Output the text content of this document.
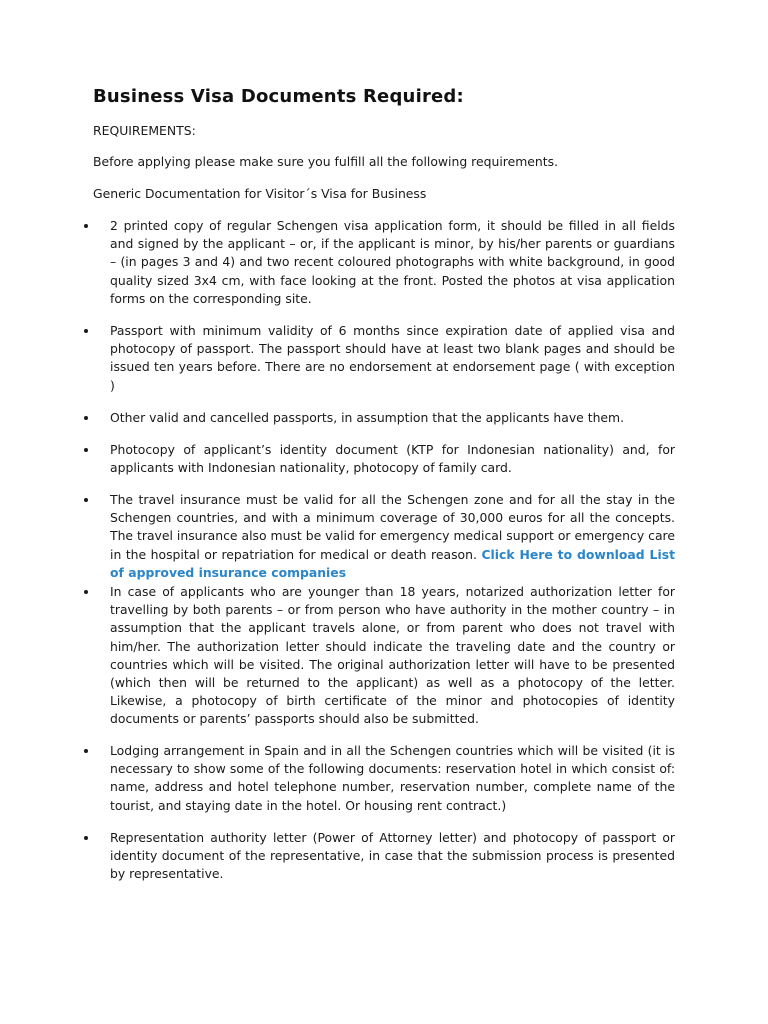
Business Visa Documents Required:

REQUIREMENTS:

Before applying please make sure you fulfill all the following requirements.

Generic Documentation for Visitor´s Visa for Business

2 printed copy of regular Schengen visa application form, it should be filled in all fields and signed by the applicant – or, if the applicant is minor, by his/her parents or guardians – (in pages 3 and 4) and two recent coloured photographs with white background, in good quality sized 3x4 cm, with face looking at the front. Posted the photos at visa application forms on the corresponding site.

Passport with minimum validity of 6 months since expiration date of applied visa and photocopy of passport. The passport should have at least two blank pages and should be issued ten years before. There are no endorsement at endorsement page ( with exception )

Other valid and cancelled passports, in assumption that the applicants have them.

Photocopy of applicant’s identity document (KTP for Indonesian nationality) and, for applicants with Indonesian nationality, photocopy of family card.

The travel insurance must be valid for all the Schengen zone and for all the stay in the Schengen countries, and with a minimum coverage of 30,000 euros for all the concepts. The travel insurance also must be valid for emergency medical support or emergency care in the hospital or repatriation for medical or death reason. Click Here to download List of approved insurance companies

In case of applicants who are younger than 18 years, notarized authorization letter for travelling by both parents – or from person who have authority in the mother country – in assumption that the applicant travels alone, or from parent who does not travel with him/her. The authorization letter should indicate the traveling date and the country or countries which will be visited. The original authorization letter will have to be presented (which then will be returned to the applicant) as well as a photocopy of the letter. Likewise, a photocopy of birth certificate of the minor and photocopies of identity documents or parents’ passports should also be submitted.

Lodging arrangement in Spain and in all the Schengen countries which will be visited (it is necessary to show some of the following documents: reservation hotel in which consist of: name, address and hotel telephone number, reservation number, complete name of the tourist, and staying date in the hotel. Or housing rent contract.)

Representation authority letter (Power of Attorney letter) and photocopy of passport or identity document of the representative, in case that the submission process is presented by representative.
